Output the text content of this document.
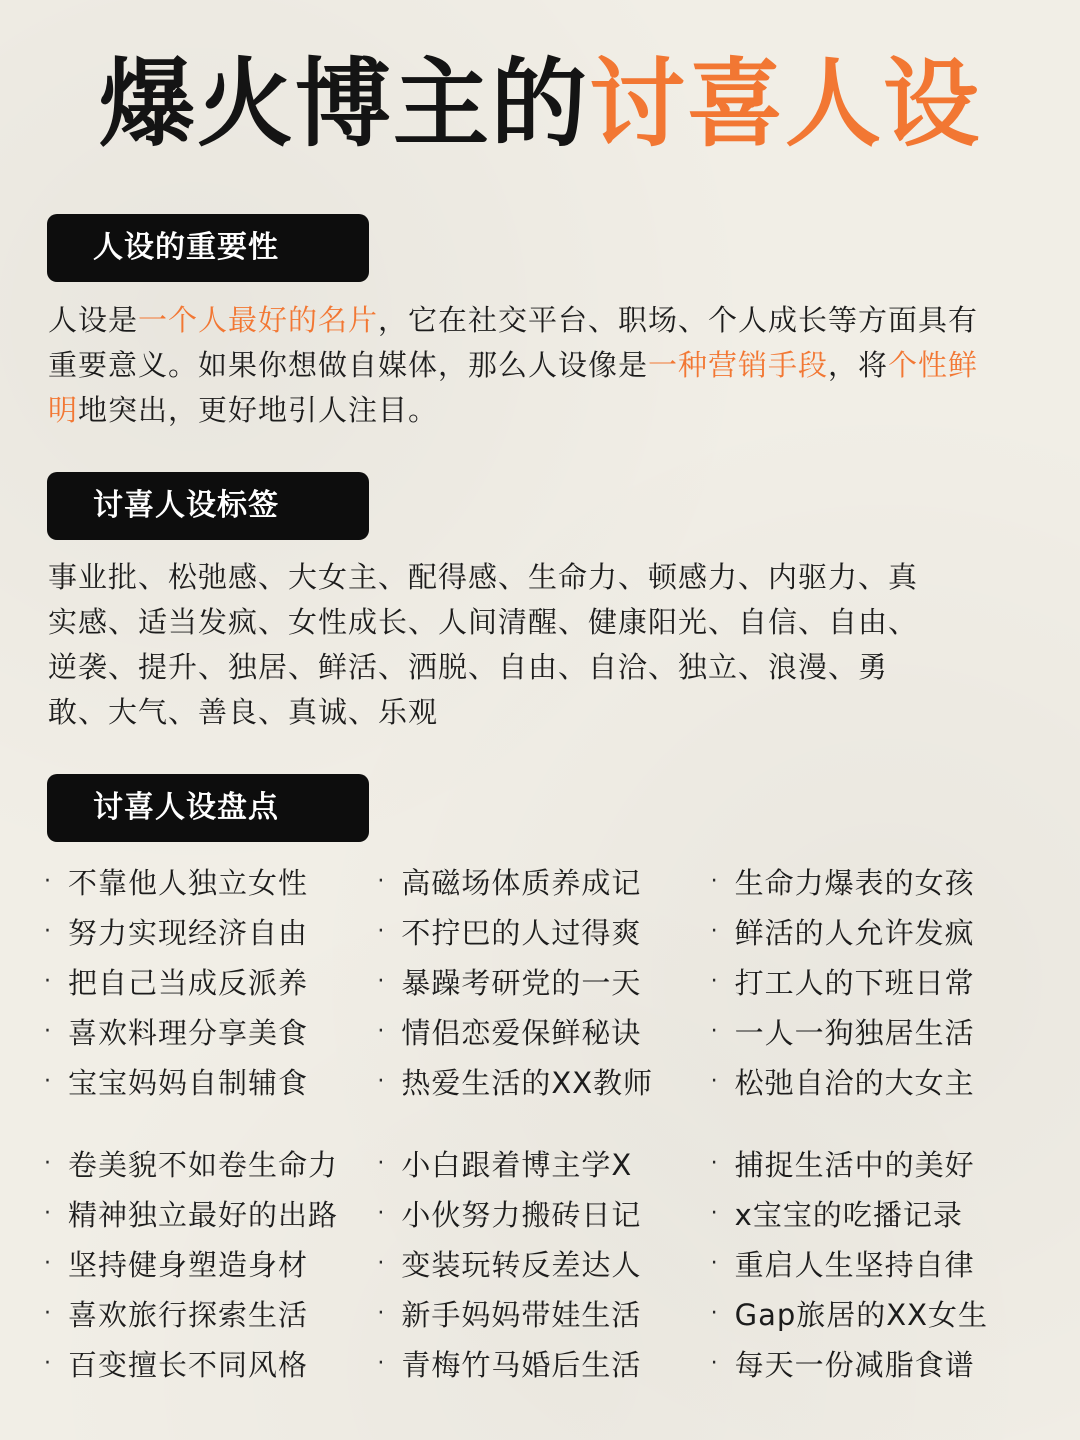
爆火博主的讨喜人设
人设的重要性
人设是一个人最好的名片，它在社交平台、职场、个人成长等方面具有重要意义。如果你想做自媒体，那么人设像是一种营销手段，将个性鲜明地突出，更好地引人注目。
讨喜人设标签
事业批、松弛感、大女主、配得感、生命力、顿感力、内驱力、真
实感、适当发疯、女性成长、人间清醒、健康阳光、自信、自由、
逆袭、提升、独居、鲜活、洒脱、自由、自洽、独立、浪漫、勇
敢、大气、善良、真诚、乐观
讨喜人设盘点
· 不靠他人独立女性	· 高磁场体质养成记	· 生命力爆表的女孩
· 努力实现经济自由	· 不拧巴的人过得爽	· 鲜活的人允许发疯
· 把自己当成反派养	· 暴躁考研党的一天	· 打工人的下班日常
· 喜欢料理分享美食	· 情侣恋爱保鲜秘诀	· 一人一狗独居生活
· 宝宝妈妈自制辅食	· 热爱生活的XX教师	· 松弛自洽的大女主
· 卷美貌不如卷生命力 · 小白跟着博主学X	· 捕捉生活中的美好
· 精神独立最好的出路 · 小伙努力搬砖日记	· x宝宝的吃播记录
· 坚持健身塑造身材	· 变装玩转反差达人	· 重启人生坚持自律
· 喜欢旅行探索生活	· 新手妈妈带娃生活	· Gap旅居的XX女生
· 百变擅长不同风格	· 青梅竹马婚后生活	· 每天一份减脂食谱
